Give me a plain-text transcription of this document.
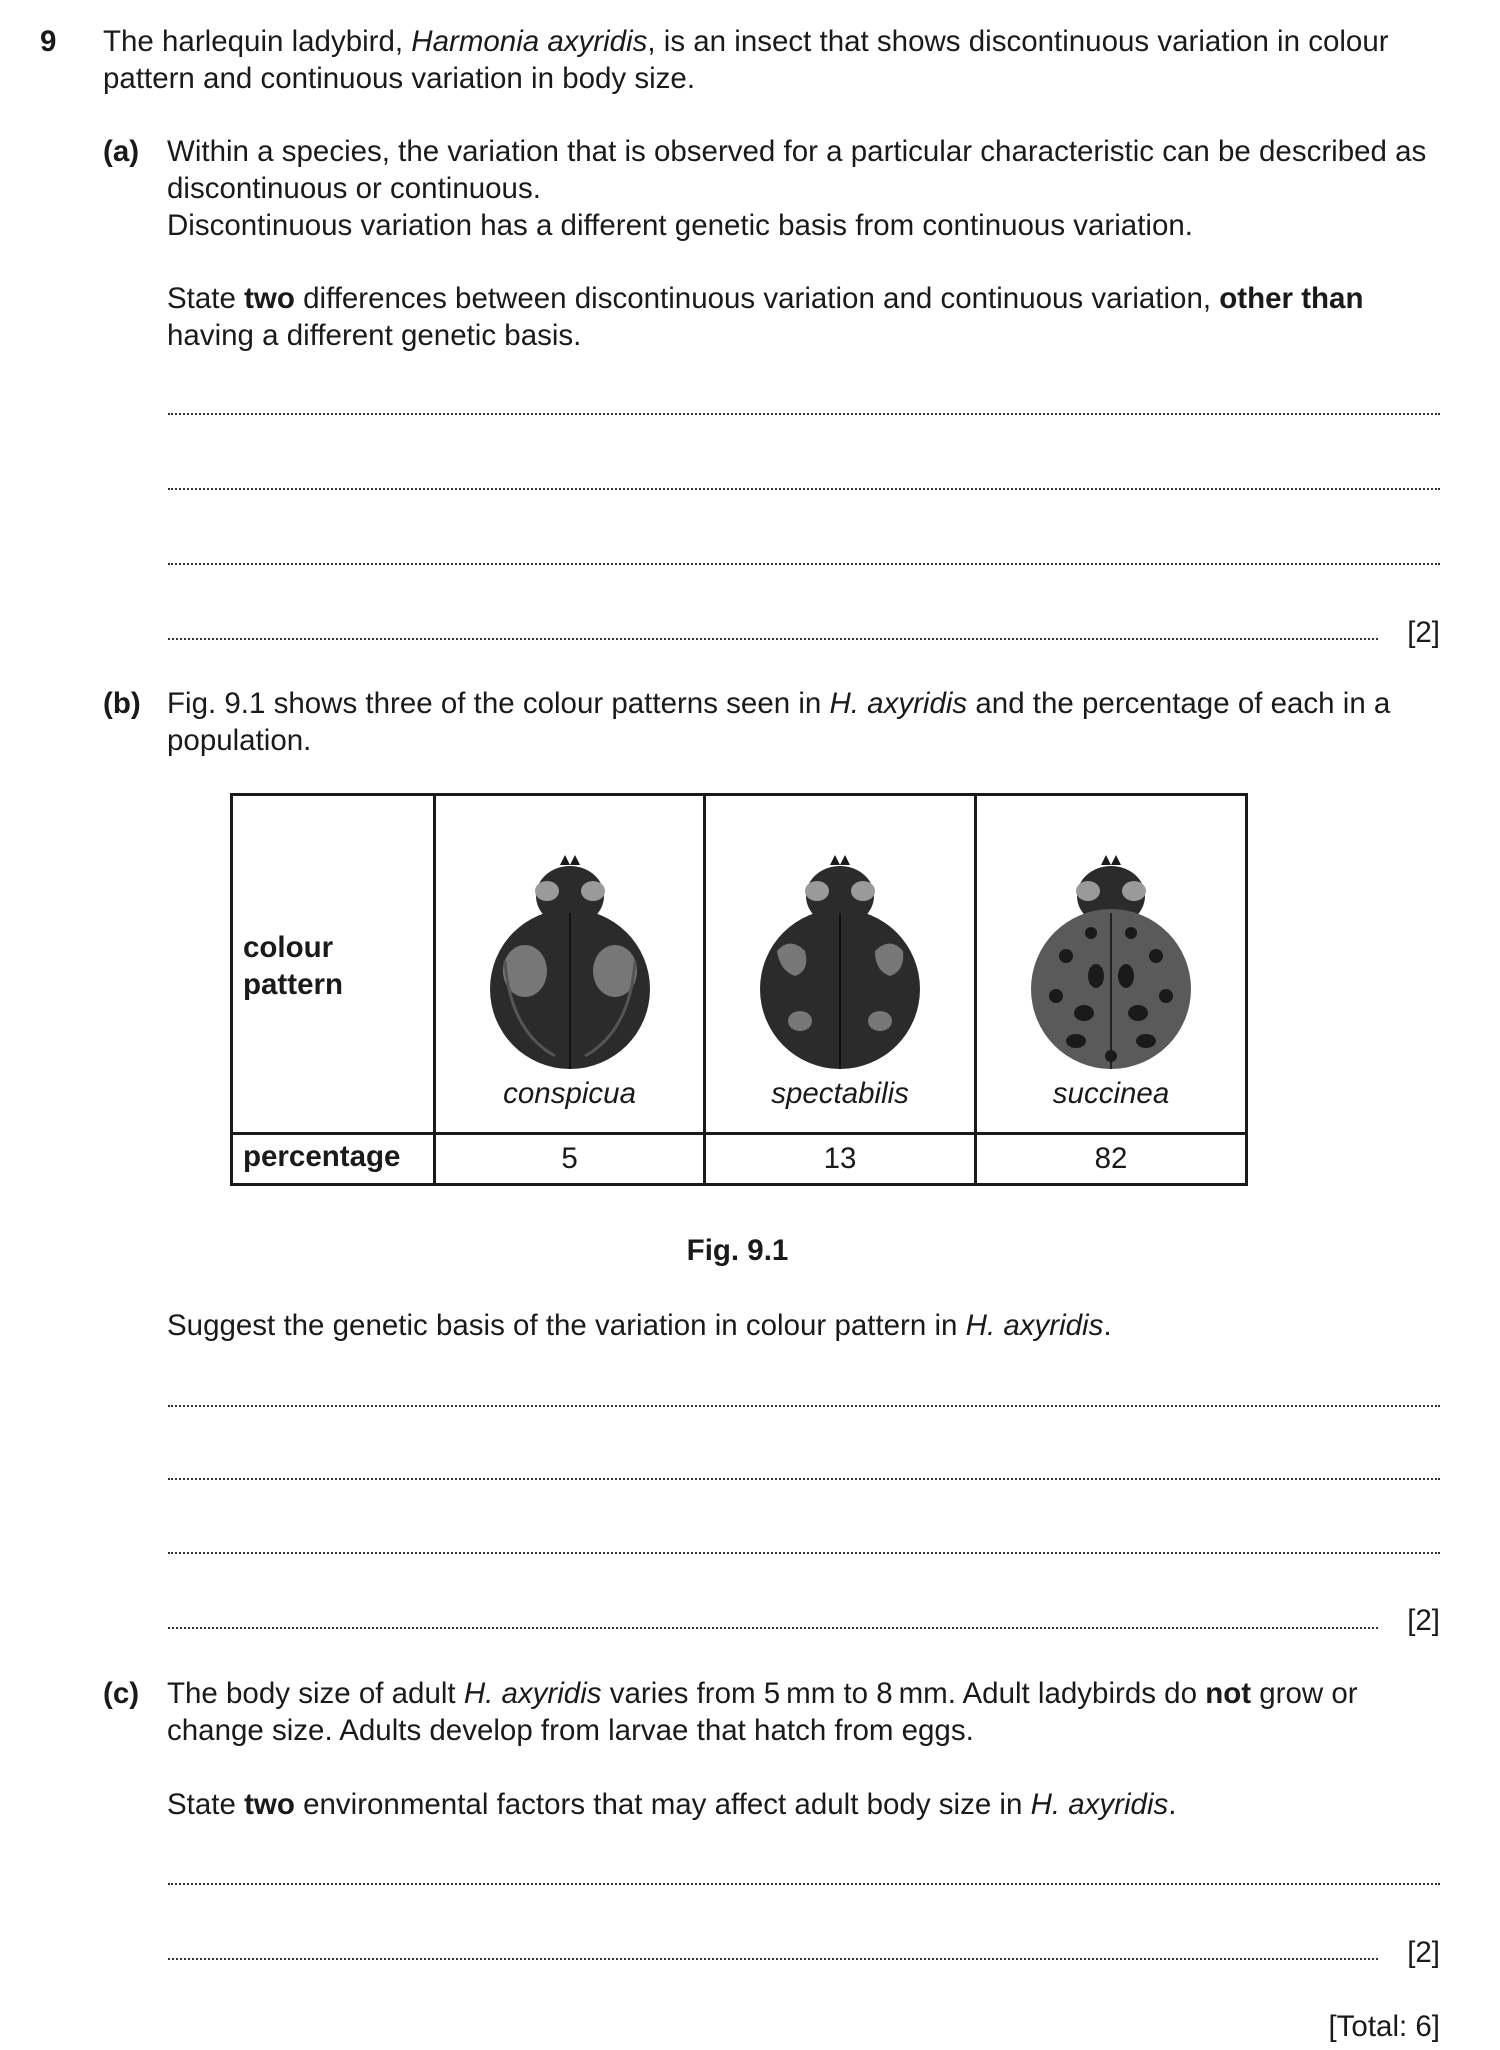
9 The harlequin ladybird, Harmonia axyridis, is an insect that shows discontinuous variation in colour pattern and continuous variation in body size.

(a) Within a species, the variation that is observed for a particular characteristic can be described as discontinuous or continuous.

Discontinuous variation has a different genetic basis from continuous variation.

State two differences between discontinuous variation and continuous variation, other than having a different genetic basis.

[2]
(b) Fig. 9.1 shows three of the colour patterns seen in H. axyridis and the percentage of each in a population.

colour pattern	conspicua	spectabilis	succinea

percentage	5	13	82
Fig. 9.1

Suggest the genetic basis of the variation in colour pattern in H. axyridis.

[2]
(c) The body size of adult H. axyridis varies from 5 mm to 8 mm. Adult ladybirds do not grow or change size. Adults develop from larvae that hatch from eggs.

State two environmental factors that may affect adult body size in H. axyridis.

[2]
[Total: 6]
